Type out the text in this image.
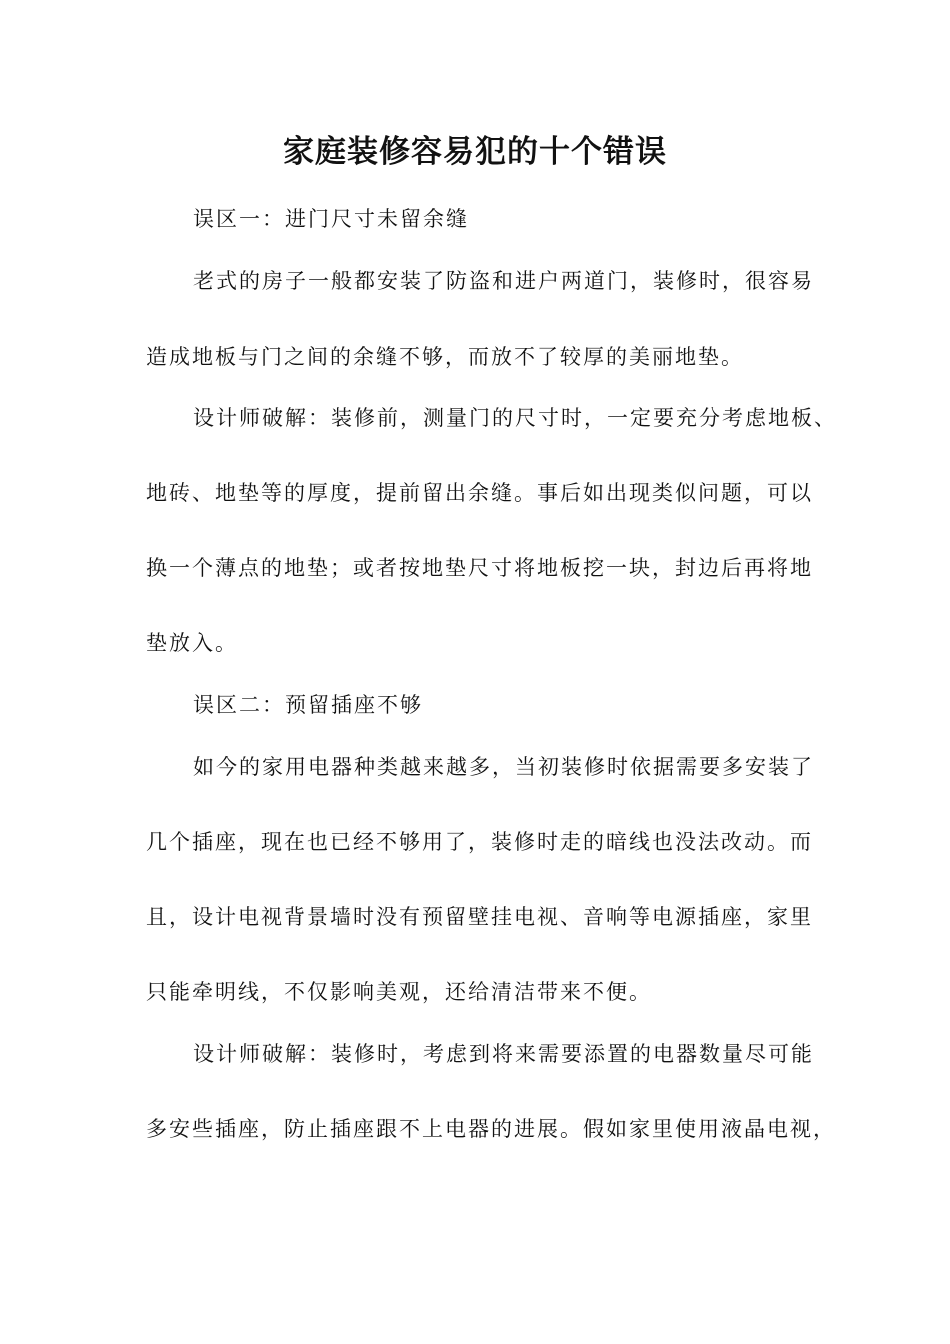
家庭装修容易犯的十个错误
误区一：进门尺寸未留余缝
老式的房子一般都安装了防盗和进户两道门，装修时，很容易
造成地板与门之间的余缝不够，而放不了较厚的美丽地垫。
设计师破解：装修前，测量门的尺寸时，一定要充分考虑地板、
地砖、地垫等的厚度，提前留出余缝。事后如出现类似问题，可以
换一个薄点的地垫；或者按地垫尺寸将地板挖一块，封边后再将地
垫放入。
误区二：预留插座不够
如今的家用电器种类越来越多，当初装修时依据需要多安装了
几个插座，现在也已经不够用了，装修时走的暗线也没法改动。而
且，设计电视背景墙时没有预留壁挂电视、音响等电源插座，家里
只能牵明线，不仅影响美观，还给清洁带来不便。
设计师破解：装修时，考虑到将来需要添置的电器数量尽可能
多安些插座，防止插座跟不上电器的进展。假如家里使用液晶电视，
